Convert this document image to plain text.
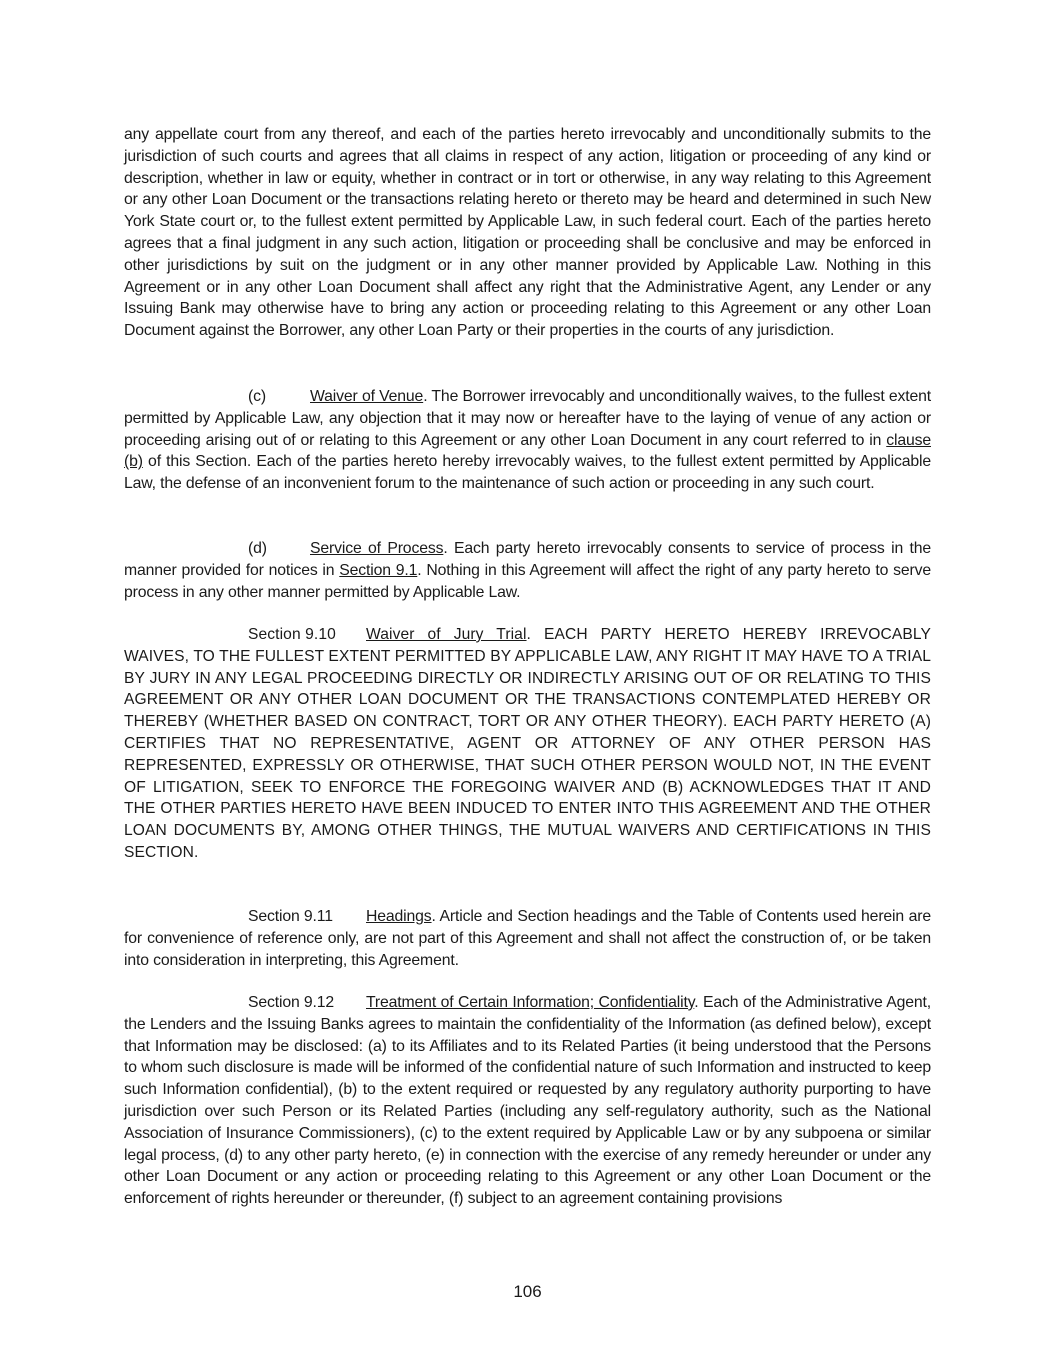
any appellate court from any thereof, and each of the parties hereto irrevocably and unconditionally submits to the jurisdiction of such courts and agrees that all claims in respect of any action, litigation or proceeding of any kind or description, whether in law or equity, whether in contract or in tort or otherwise, in any way relating to this Agreement or any other Loan Document or the transactions relating hereto or thereto may be heard and determined in such New York State court or, to the fullest extent permitted by Applicable Law, in such federal court. Each of the parties hereto agrees that a final judgment in any such action, litigation or proceeding shall be conclusive and may be enforced in other jurisdictions by suit on the judgment or in any other manner provided by Applicable Law. Nothing in this Agreement or in any other Loan Document shall affect any right that the Administrative Agent, any Lender or any Issuing Bank may otherwise have to bring any action or proceeding relating to this Agreement or any other Loan Document against the Borrower, any other Loan Party or their properties in the courts of any jurisdiction.

(c)	Waiver of Venue. The Borrower irrevocably and unconditionally waives, to the fullest extent permitted by Applicable Law, any objection that it may now or hereafter have to the laying of venue of any action or proceeding arising out of or relating to this Agreement or any other Loan Document in any court referred to in clause (b) of this Section. Each of the parties hereto hereby irrevocably waives, to the fullest extent permitted by Applicable Law, the defense of an inconvenient forum to the maintenance of such action or proceeding in any such court.

(d)	Service of Process. Each party hereto irrevocably consents to service of process in the manner provided for notices in Section 9.1. Nothing in this Agreement will affect the right of any party hereto to serve process in any other manner permitted by Applicable Law.

Section 9.10 Waiver of Jury Trial. EACH PARTY HERETO HEREBY IRREVOCABLY WAIVES, TO THE FULLEST EXTENT PERMITTED BY APPLICABLE LAW, ANY RIGHT IT MAY HAVE TO A TRIAL BY JURY IN ANY LEGAL PROCEEDING DIRECTLY OR INDIRECTLY ARISING OUT OF OR RELATING TO THIS AGREEMENT OR ANY OTHER LOAN DOCUMENT OR THE TRANSACTIONS CONTEMPLATED HEREBY OR THEREBY (WHETHER BASED ON CONTRACT, TORT OR ANY OTHER THEORY). EACH PARTY HERETO (A) CERTIFIES THAT NO REPRESENTATIVE, AGENT OR ATTORNEY OF ANY OTHER PERSON HAS REPRESENTED, EXPRESSLY OR OTHERWISE, THAT SUCH OTHER PERSON WOULD NOT, IN THE EVENT OF LITIGATION, SEEK TO ENFORCE THE FOREGOING WAIVER AND (B) ACKNOWLEDGES THAT IT AND THE OTHER PARTIES HERETO HAVE BEEN INDUCED TO ENTER INTO THIS AGREEMENT AND THE OTHER LOAN DOCUMENTS BY, AMONG OTHER THINGS, THE MUTUAL WAIVERS AND CERTIFICATIONS IN THIS SECTION.

Section 9.11 Headings. Article and Section headings and the Table of Contents used herein are for convenience of reference only, are not part of this Agreement and shall not affect the construction of, or be taken into consideration in interpreting, this Agreement.

Section 9.12 Treatment of Certain Information; Confidentiality. Each of the Administrative Agent, the Lenders and the Issuing Banks agrees to maintain the confidentiality of the Information (as defined below), except that Information may be disclosed: (a) to its Affiliates and to its Related Parties (it being understood that the Persons to whom such disclosure is made will be informed of the confidential nature of such Information and instructed to keep such Information confidential), (b) to the extent required or requested by any regulatory authority purporting to have jurisdiction over such Person or its Related Parties (including any self-regulatory authority, such as the National Association of Insurance Commissioners), (c) to the extent required by Applicable Law or by any subpoena or similar legal process, (d) to any other party hereto, (e) in connection with the exercise of any remedy hereunder or under any other Loan Document or any action or proceeding relating to this Agreement or any other Loan Document or the enforcement of rights hereunder or thereunder, (f) subject to an agreement containing provisions

106
